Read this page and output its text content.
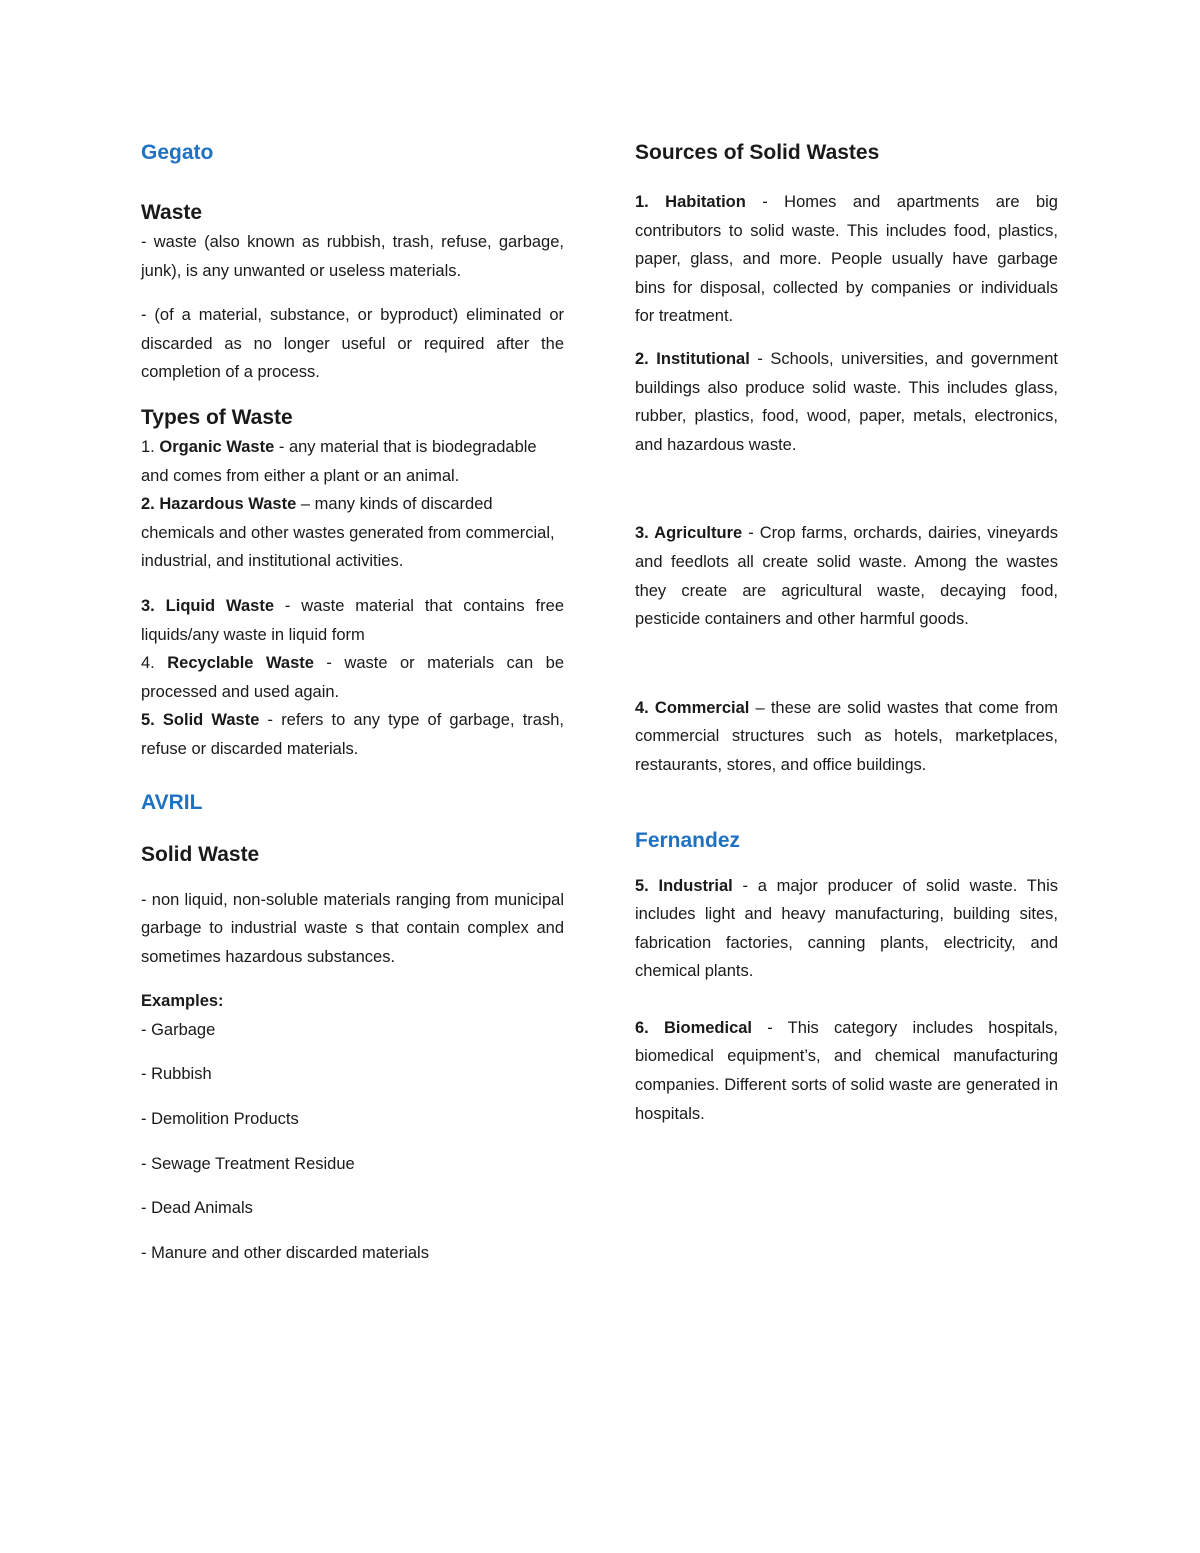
Gegato
Waste

- waste (also known as rubbish, trash, refuse, garbage, junk), is any unwanted or useless materials.

- (of a material, substance, or byproduct) eliminated or discarded as no longer useful or required after the completion of a process.

Types of Waste

1. Organic Waste - any material that is biodegradable and comes from either a plant or an animal.

2. Hazardous Waste – many kinds of discarded chemicals and other wastes generated from commercial, industrial, and institutional activities.

3. Liquid Waste - waste material that contains free liquids/any waste in liquid form

4. Recyclable Waste - waste or materials can be processed and used again.

5. Solid Waste - refers to any type of garbage, trash, refuse or discarded materials.

AVRIL
Solid Waste

- non liquid, non-soluble materials ranging from municipal garbage to industrial waste s that contain complex and sometimes hazardous substances.

Examples:

- Garbage
- Rubbish
- Demolition Products
- Sewage Treatment Residue
- Dead Animals
- Manure and other discarded materials
Sources of Solid Wastes

1. Habitation - Homes and apartments are big contributors to solid waste. This includes food, plastics, paper, glass, and more. People usually have garbage bins for disposal, collected by companies or individuals for treatment.

2. Institutional - Schools, universities, and government buildings also produce solid waste. This includes glass, rubber, plastics, food, wood, paper, metals, electronics, and hazardous waste.

3. Agriculture - Crop farms, orchards, dairies, vineyards and feedlots all create solid waste. Among the wastes they create are agricultural waste, decaying food, pesticide containers and other harmful goods.

4. Commercial – these are solid wastes that come from commercial structures such as hotels, marketplaces, restaurants, stores, and office buildings.

Fernandez

5. Industrial - a major producer of solid waste. This includes light and heavy manufacturing, building sites, fabrication factories, canning plants, electricity, and chemical plants.

6. Biomedical - This category includes hospitals, biomedical equipment’s, and chemical manufacturing companies. Different sorts of solid waste are generated in hospitals.
